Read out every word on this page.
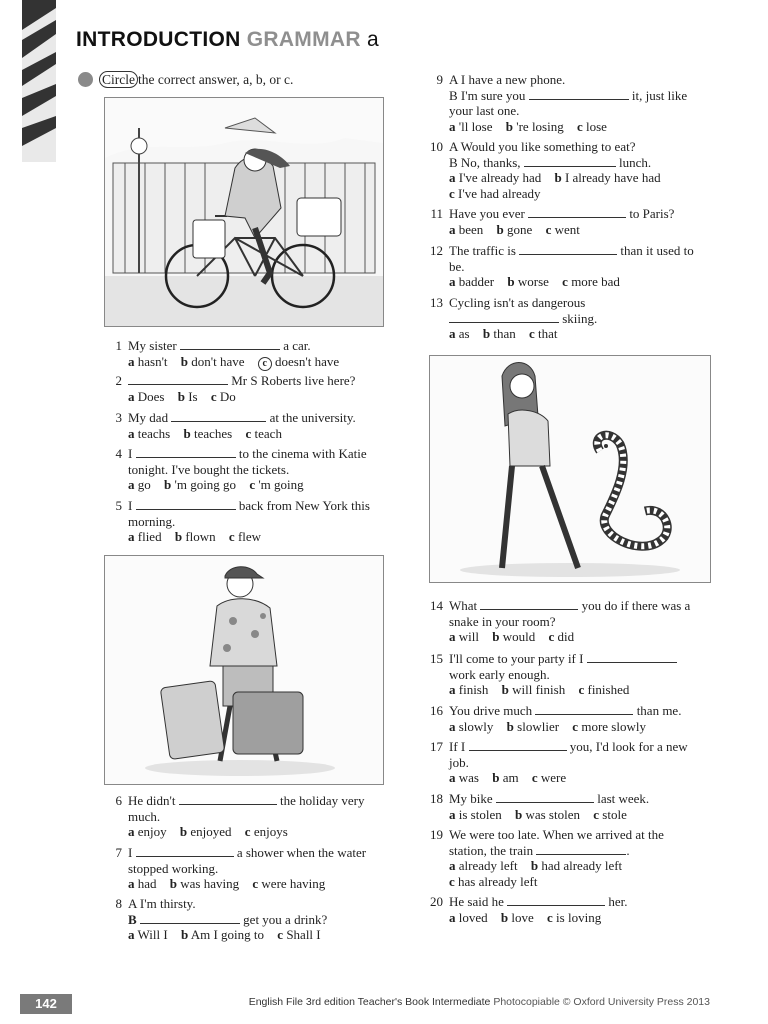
INTRODUCTION GRAMMAR a
Circle the correct answer, a, b, or c.
1 My sister	a car.
a hasn't b don't have c doesn't have
2	Mr S Roberts live here?
a Does b Is c Do
3 My dad	at the university.
a teachs b teaches c teach
4 I	to the cinema with Katie tonight. I've bought the tickets.
a go b 'm going go c 'm going
5 I	back from New York this morning.
a flied b flown c flew
6 He didn't	the holiday very much.
a enjoy b enjoyed c enjoys
7 I	a shower when the water stopped working.
a had b was having c were having
8 A I'm thirsty.
B	get you a drink?
a Will I b Am I going to c Shall I
9 A I have a new phone.
B I'm sure you	it, just like your last one.
a 'll lose b 're losing c lose
10 A Would you like something to eat?
B No, thanks,	lunch.
a I've already had b I already have had
c I've had already
11 Have you ever	to Paris?
a been b gone c went
12 The traffic is	than it used to be.
a badder b worse c more bad
13 Cycling isn't as dangerous
skiing.
a as b than c that
14 What	you do if there was a snake in your room?
a will b would c did
15 I'll come to your party if I  work early enough.
a finish b will finish c finished
16 You drive much	than me.
a slowly b slowlier c more slowly
17 If I	you, I'd look for a new job.
a was b am c were
18 My bike	last week.
a is stolen b was stolen c stole
19 We were too late. When we arrived at the station, the train	.
a already left b had already left
c has already left
20 He said he	her.
a loved b love c is loving
142	English File 3rd edition Teacher's Book Intermediate Photocopiable © Oxford University Press 2013
